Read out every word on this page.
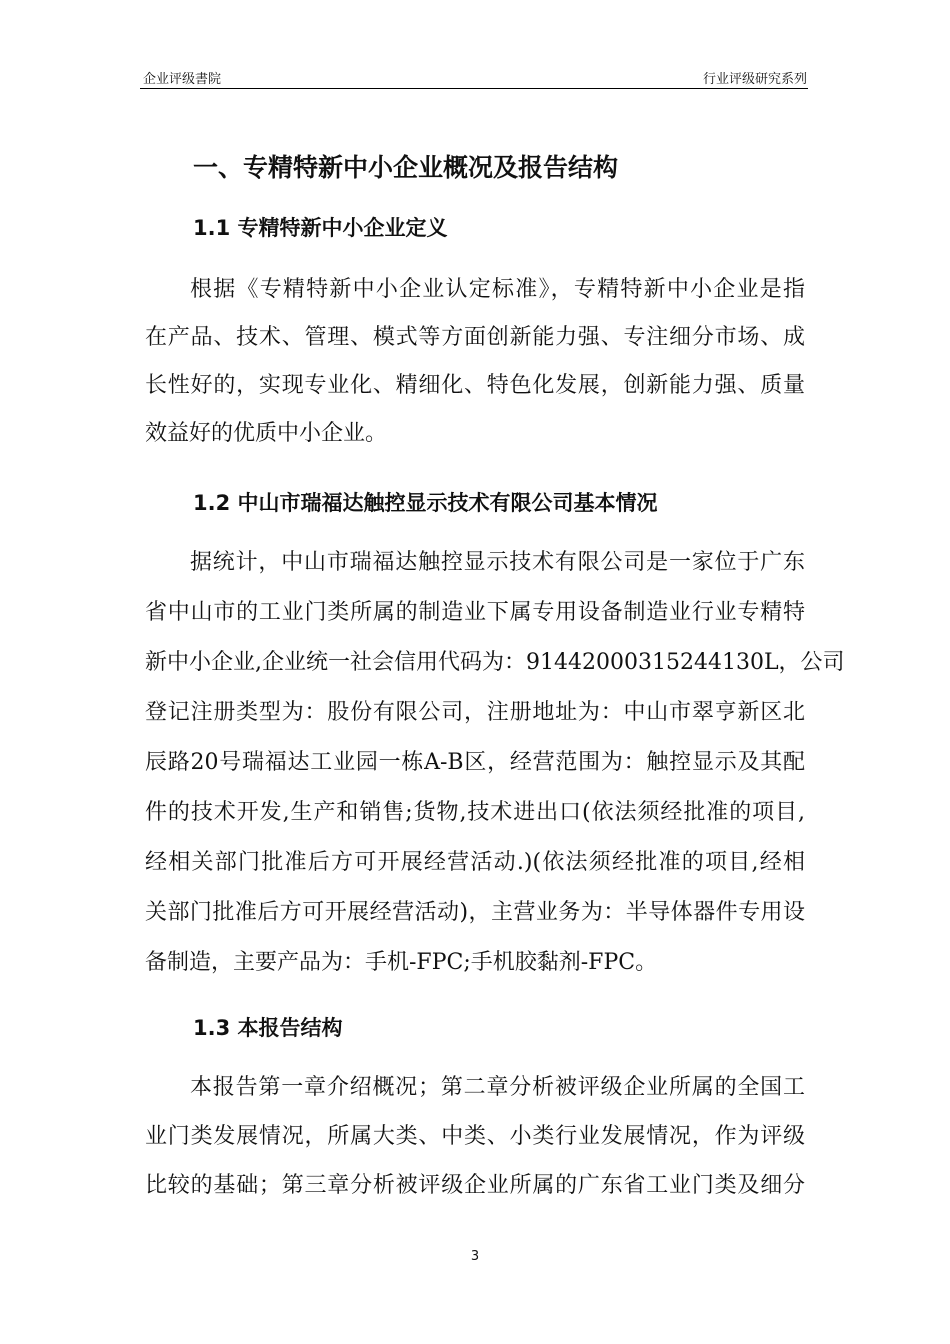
企业评级書院	行业评级研究系列
一、专精特新中小企业概况及报告结构
1.1 专精特新中小企业定义
根据《专精特新中小企业认定标准》，专精特新中小企业是指
在产品、技术、管理、模式等方面创新能力强、专注细分市场、成
长性好的，实现专业化、精细化、特色化发展，创新能力强、质量
效益好的优质中小企业。
1.2 中山市瑞福达触控显示技术有限公司基本情况
据统计，中山市瑞福达触控显示技术有限公司是一家位于广东
省中山市的工业门类所属的制造业下属专用设备制造业行业专精特
新中小企业,企业统一社会信用代码为：91442000315244130L，公司
登记注册类型为：股份有限公司，注册地址为：中山市翠亨新区北
辰路20号瑞福达工业园一栋A-B区，经营范围为：触控显示及其配
件的技术开发,生产和销售;货物,技术进出口(依法须经批准的项目,
经相关部门批准后方可开展经营活动.)(依法须经批准的项目,经相
关部门批准后方可开展经营活动)，主营业务为：半导体器件专用设
备制造，主要产品为：手机-FPC;手机胶黏剂-FPC。
1.3 本报告结构
本报告第一章介绍概况；第二章分析被评级企业所属的全国工
业门类发展情况，所属大类、中类、小类行业发展情况，作为评级
比较的基础；第三章分析被评级企业所属的广东省工业门类及细分
3
